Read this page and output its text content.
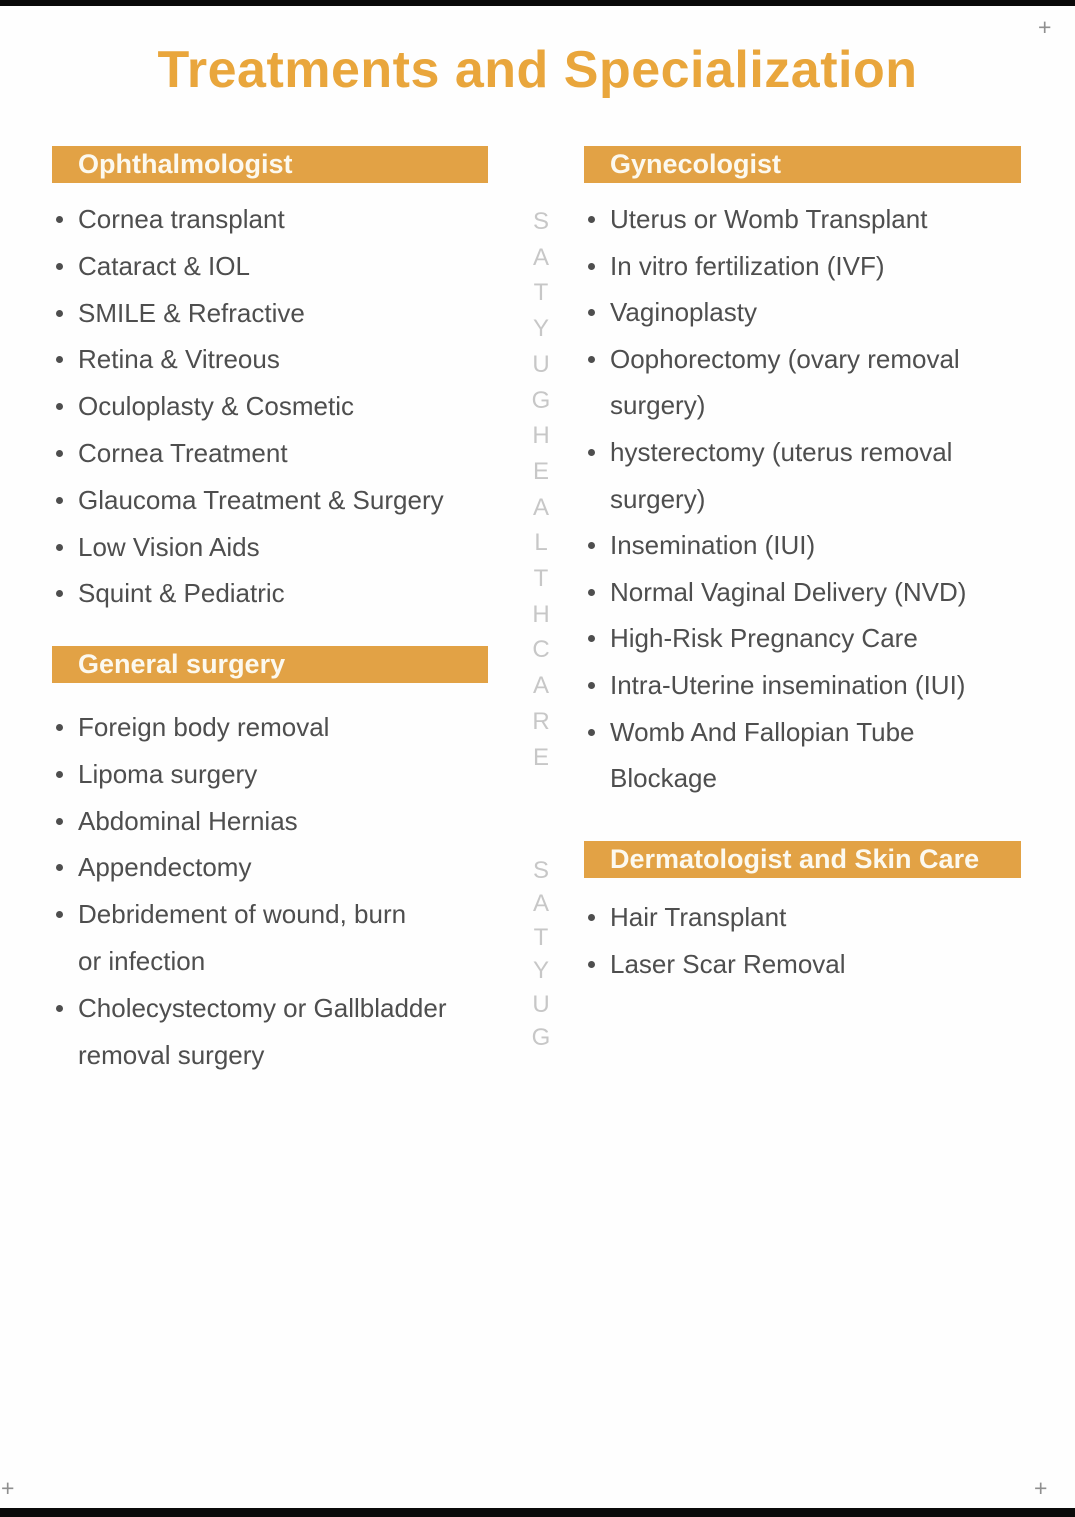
+
+	+
Treatments and Specialization
Ophthalmologist
Cornea transplant
Cataract & IOL
SMILE & Refractive
Retina & Vitreous
Oculoplasty & Cosmetic
Cornea Treatment
Glaucoma Treatment & Surgery
Low Vision Aids
Squint & Pediatric
General surgery
Foreign body removal
Lipoma surgery
Abdominal Hernias
Appendectomy
Debridement of wound, burn
or infection
Cholecystectomy or Gallbladder
removal surgery
Gynecologist
Uterus or Womb Transplant
In vitro fertilization (IVF)
Vaginoplasty
Oophorectomy (ovary removal
surgery)
hysterectomy (uterus removal
surgery)
Insemination (IUI)
Normal Vaginal Delivery (NVD)
High-Risk Pregnancy Care
Intra-Uterine insemination (IUI)
Womb And Fallopian Tube
Blockage
Dermatologist and Skin Care
Hair Transplant
Laser Scar Removal
S
A
T
Y
U
G
H
E
A
L
T
H
C
A
R
E
S
A
T
Y
U
G
